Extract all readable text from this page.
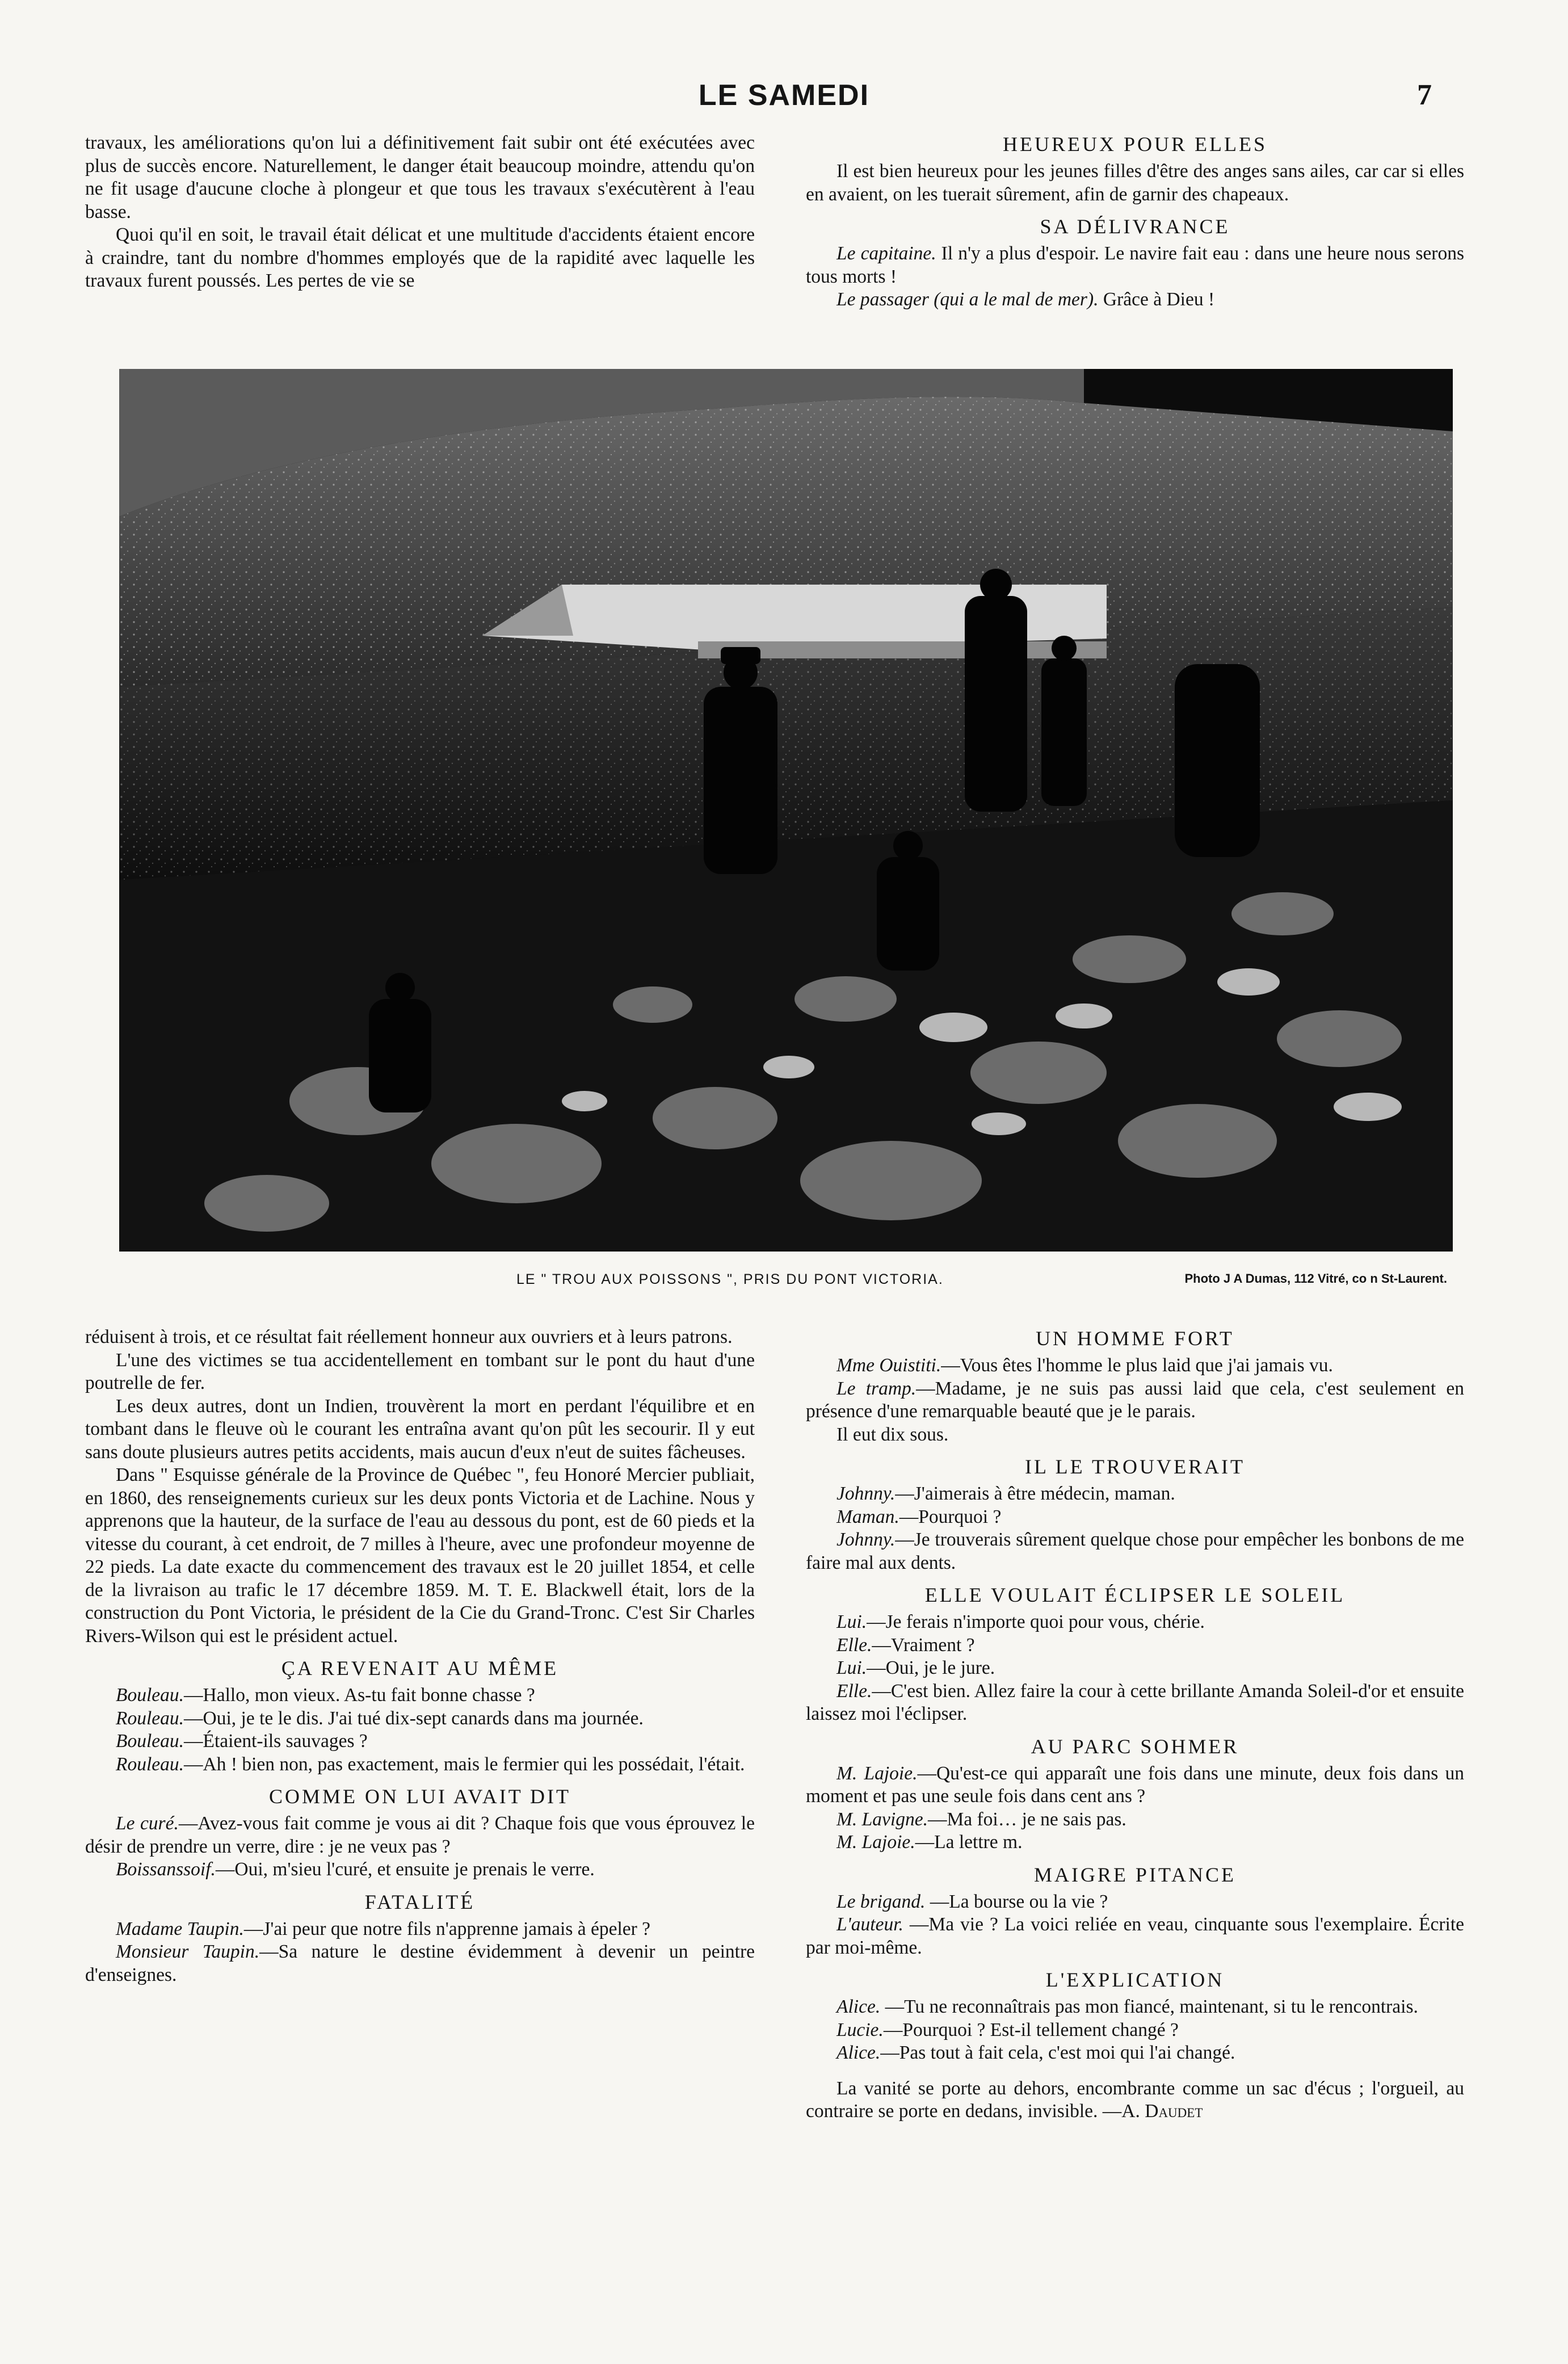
LE SAMEDI	7

travaux, les améliorations qu'on lui a définitivement fait subir ont été exécutées avec plus de succès encore. Naturellement, le danger était beaucoup moindre, attendu qu'on ne fit usage d'aucune cloche à plongeur et que tous les travaux s'exécutèrent à l'eau basse.

Quoi qu'il en soit, le travail était délicat et une multitude d'accidents étaient encore à craindre, tant du nombre d'hommes employés que de la rapidité avec laquelle les travaux furent poussés. Les pertes de vie se

HEUREUX POUR ELLES

Il est bien heureux pour les jeunes filles d'être des anges sans ailes, car car si elles en avaient, on les tuerait sûrement, afin de garnir des chapeaux.

SA DÉLIVRANCE

Le capitaine. Il n'y a plus d'espoir. Le navire fait eau : dans une heure nous serons tous morts !

Le passager (qui a le mal de mer). Grâce à Dieu !

LE " TROU AUX POISSONS ", PRIS DU PONT VICTORIA.	Photo J A Dumas, 112 Vitré, co n St-Laurent.

réduisent à trois, et ce résultat fait réellement honneur aux ouvriers et à leurs patrons.

L'une des victimes se tua accidentellement en tombant sur le pont du haut d'une poutrelle de fer.

Les deux autres, dont un Indien, trouvèrent la mort en perdant l'équilibre et en tombant dans le fleuve où le courant les entraîna avant qu'on pût les secourir. Il y eut sans doute plusieurs autres petits accidents, mais aucun d'eux n'eut de suites fâcheuses.

Dans " Esquisse générale de la Province de Québec ", feu Honoré Mercier publiait, en 1860, des renseignements curieux sur les deux ponts Victoria et de Lachine. Nous y apprenons que la hauteur, de la surface de l'eau au dessous du pont, est de 60 pieds et la vitesse du courant, à cet endroit, de 7 milles à l'heure, avec une profondeur moyenne de 22 pieds. La date exacte du commencement des travaux est le 20 juillet 1854, et celle de la livraison au trafic le 17 décembre 1859. M. T. E. Blackwell était, lors de la construction du Pont Victoria, le président de la Cie du Grand-Tronc. C'est Sir Charles Rivers-Wilson qui est le président actuel.

ÇA REVENAIT AU MÊME

Bouleau.—Hallo, mon vieux. As-tu fait bonne chasse ?

Rouleau.—Oui, je te le dis. J'ai tué dix-sept canards dans ma journée.

Bouleau.—Étaient-ils sauvages ?

Rouleau.—Ah ! bien non, pas exactement, mais le fermier qui les possédait, l'était.

COMME ON LUI AVAIT DIT

Le curé.—Avez-vous fait comme je vous ai dit ? Chaque fois que vous éprouvez le désir de prendre un verre, dire : je ne veux pas ?

Boissanssoif.—Oui, m'sieu l'curé, et ensuite je prenais le verre.

FATALITÉ

Madame Taupin.—J'ai peur que notre fils n'apprenne jamais à épeler ?

Monsieur Taupin.—Sa nature le destine évidemment à devenir un peintre d'enseignes.

UN HOMME FORT

Mme Ouistiti.—Vous êtes l'homme le plus laid que j'ai jamais vu.

Le tramp.—Madame, je ne suis pas aussi laid que cela, c'est seulement en présence d'une remarquable beauté que je le parais.

Il eut dix sous.

IL LE TROUVERAIT

Johnny.—J'aimerais à être médecin, maman.

Maman.—Pourquoi ?

Johnny.—Je trouverais sûrement quelque chose pour empêcher les bonbons de me faire mal aux dents.

ELLE VOULAIT ÉCLIPSER LE SOLEIL

Lui.—Je ferais n'importe quoi pour vous, chérie.

Elle.—Vraiment ?

Lui.—Oui, je le jure.

Elle.—C'est bien. Allez faire la cour à cette brillante Amanda Soleil-d'or et ensuite laissez moi l'éclipser.

AU PARC SOHMER

M. Lajoie.—Qu'est-ce qui apparaît une fois dans une minute, deux fois dans un moment et pas une seule fois dans cent ans ?

M. Lavigne.—Ma foi… je ne sais pas.

M. Lajoie.—La lettre m.

MAIGRE PITANCE

Le brigand. —La bourse ou la vie ?

L'auteur. —Ma vie ? La voici reliée en veau, cinquante sous l'exemplaire. Écrite par moi-même.

L'EXPLICATION

Alice. —Tu ne reconnaîtrais pas mon fiancé, maintenant, si tu le rencontrais.

Lucie.—Pourquoi ? Est-il tellement changé ?

Alice.—Pas tout à fait cela, c'est moi qui l'ai changé.

La vanité se porte au dehors, encombrante comme un sac d'écus ; l'orgueil, au contraire se porte en dedans, invisible. —A. Daudet
